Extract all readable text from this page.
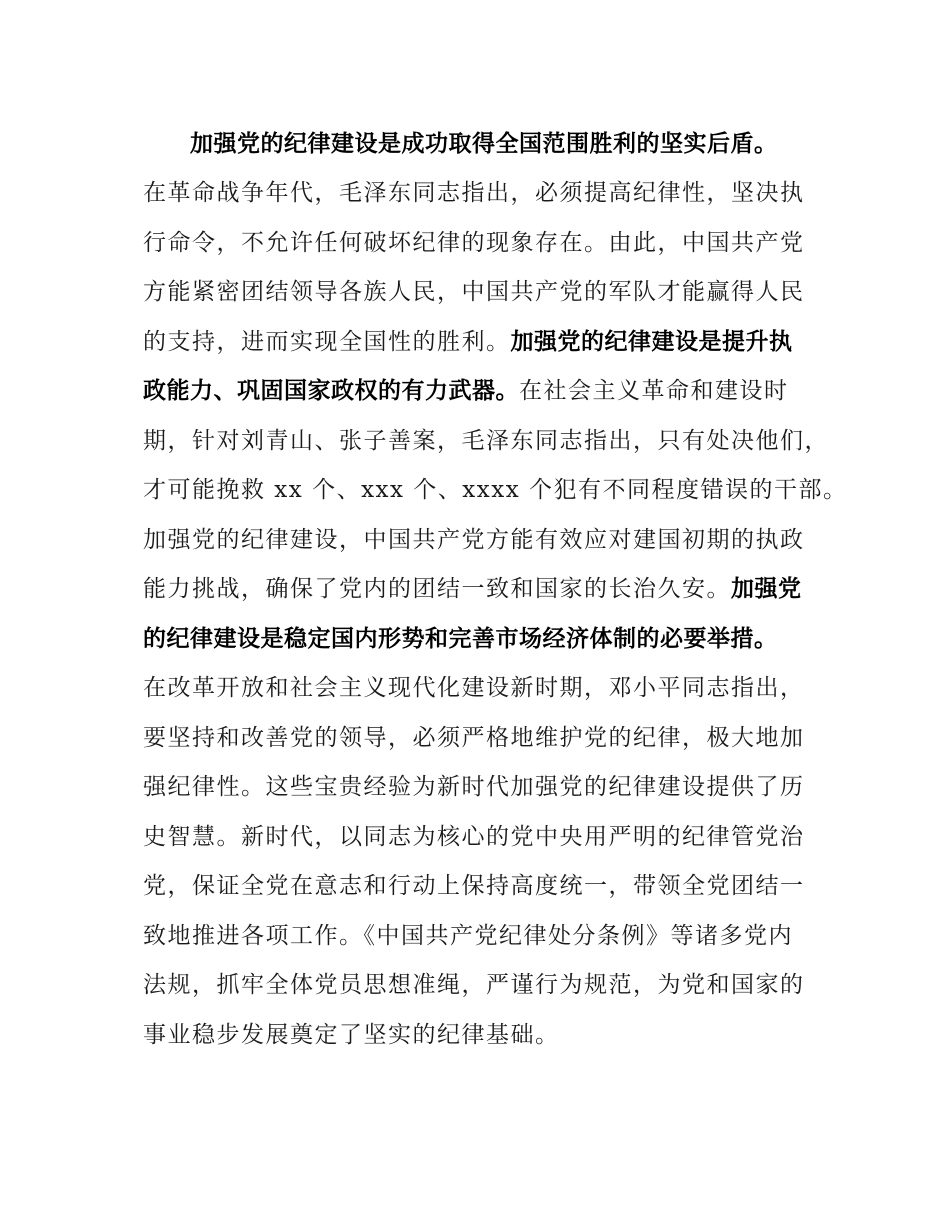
加强党的纪律建设是成功取得全国范围胜利的坚实后盾。
在革命战争年代，毛泽东同志指出，必须提高纪律性，坚决执
行命令，不允许任何破坏纪律的现象存在。由此，中国共产党
方能紧密团结领导各族人民，中国共产党的军队才能赢得人民
的支持，进而实现全国性的胜利。加强党的纪律建设是提升执
政能力、巩固国家政权的有力武器。在社会主义革命和建设时
期，针对刘青山、张子善案，毛泽东同志指出，只有处决他们，
才可能挽救 xx 个、xxx 个、xxxx 个犯有不同程度错误的干部。
加强党的纪律建设，中国共产党方能有效应对建国初期的执政
能力挑战，确保了党内的团结一致和国家的长治久安。加强党
的纪律建设是稳定国内形势和完善市场经济体制的必要举措。
在改革开放和社会主义现代化建设新时期，邓小平同志指出，
要坚持和改善党的领导，必须严格地维护党的纪律，极大地加
强纪律性。这些宝贵经验为新时代加强党的纪律建设提供了历
史智慧。新时代，以同志为核心的党中央用严明的纪律管党治
党，保证全党在意志和行动上保持高度统一，带领全党团结一
致地推进各项工作。《中国共产党纪律处分条例》等诸多党内
法规，抓牢全体党员思想准绳，严谨行为规范，为党和国家的
事业稳步发展奠定了坚实的纪律基础。
